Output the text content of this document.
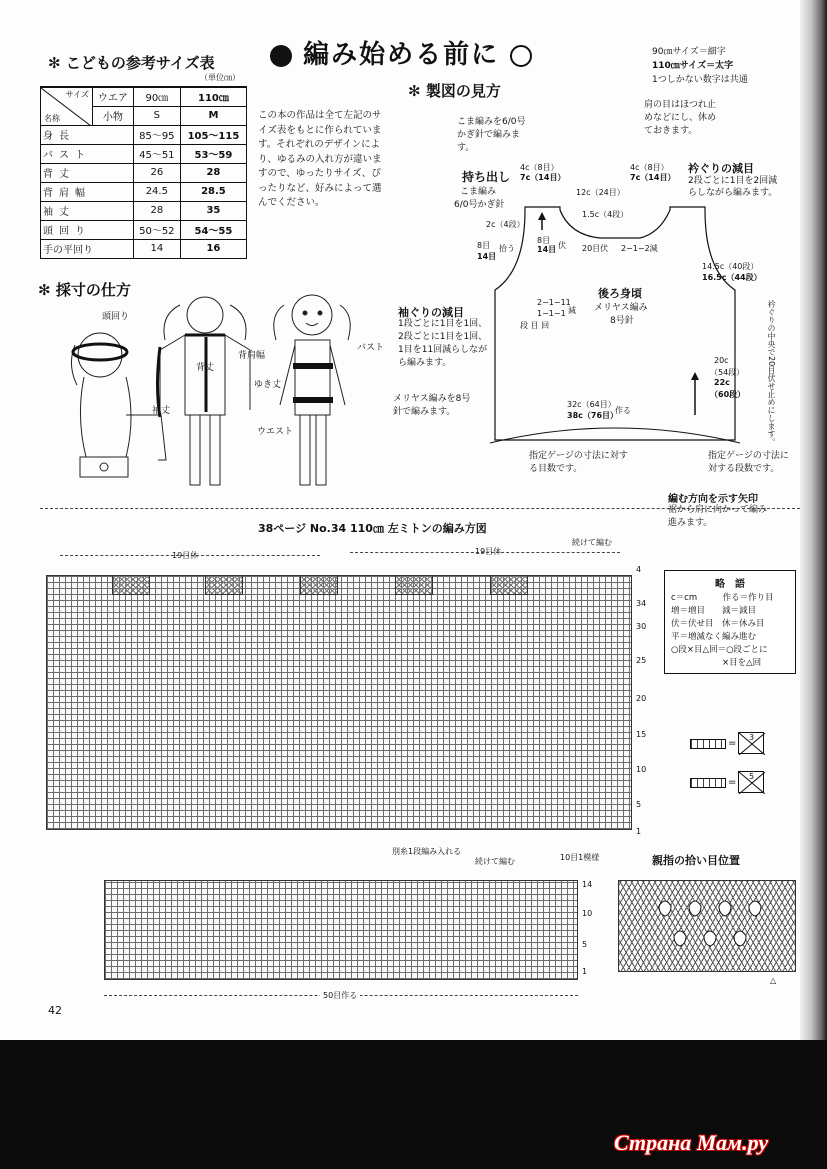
編み始める前に	90㎝サイズ＝細字
110㎝サイズ＝太字
1つしかない数字は共通
✻ こどもの参考サイズ表
（単位㎝）
サイズ
名称	ウエア	90㎝	110㎝
	小物	S	M
身長		85〜95	105〜115
バスト		45〜51	53〜59
背丈		26	28
背肩幅		24.5	28.5
袖丈		28	35
頭回り		50〜52	54〜55
手の平回り		14	16
この本の作品は全て左記のサイズ表をもとに作られています。それぞれのデザインにより、ゆるみの入れ方が違いますので、ゆったりサイズ、ぴったりなど、好みによって選んでください。
✻ 採寸の仕方
頭回り
袖丈
背丈
背肩幅
ゆき丈
ウエスト
バスト
✻ 製図の見方
こま編みを6/0号かぎ針で編みます。
持ち出し
こま編み
6/0号かぎ針
肩の目はほつれ止めなどにし、休めておきます。
衿ぐりの減目
2段ごとに1目を2回減らしながら編みます。
4c（8目）
7c（14目）
12c（24目）
4c（8目）
7c（14目）
2c（4段）
1.5c（4段）
8目
14目
拾う
8目
14目 伏 20目伏 2−1−2減
14.5c（40段）
16.5c（44段）
衿ぐりの中央で20目伏せ止めにします。
後ろ身頃
メリヤス編み
8号針
袖ぐりの減目
1段ごとに1目を1回、2段ごとに1目を1回、1目を11回減らしながら編みます。
2−1−11
1−1−1
段 目 回
減
20c
（54段）
22c
（60段）
メリヤス編みを8号針で編みます。
32c（64目）
38c（76目）
作る
指定ゲージの寸法に対する目数です。
指定ゲージの寸法に対する段数です。
編む方向を示す矢印
裾から肩に向かって編み進みます。
38ページ No.34 110㎝ 左ミトンの編み方図
19目休	19目休
続けて編む
4
34
30
25
20
15
10
5
1
別糸1段編み入れる
続けて編む	10目1模様
14
10
5
1
50目作る
略　語
c＝cm　　　作る＝作り目
増＝増目　　減＝減目
伏＝伏せ目　休＝休み目
平＝増減なく編み進む
○段×目△回＝○段ごとに
　　　　　　×目を△回
=
3
=
5
親指の拾い目位置
△
42
Страна Мам.ру
